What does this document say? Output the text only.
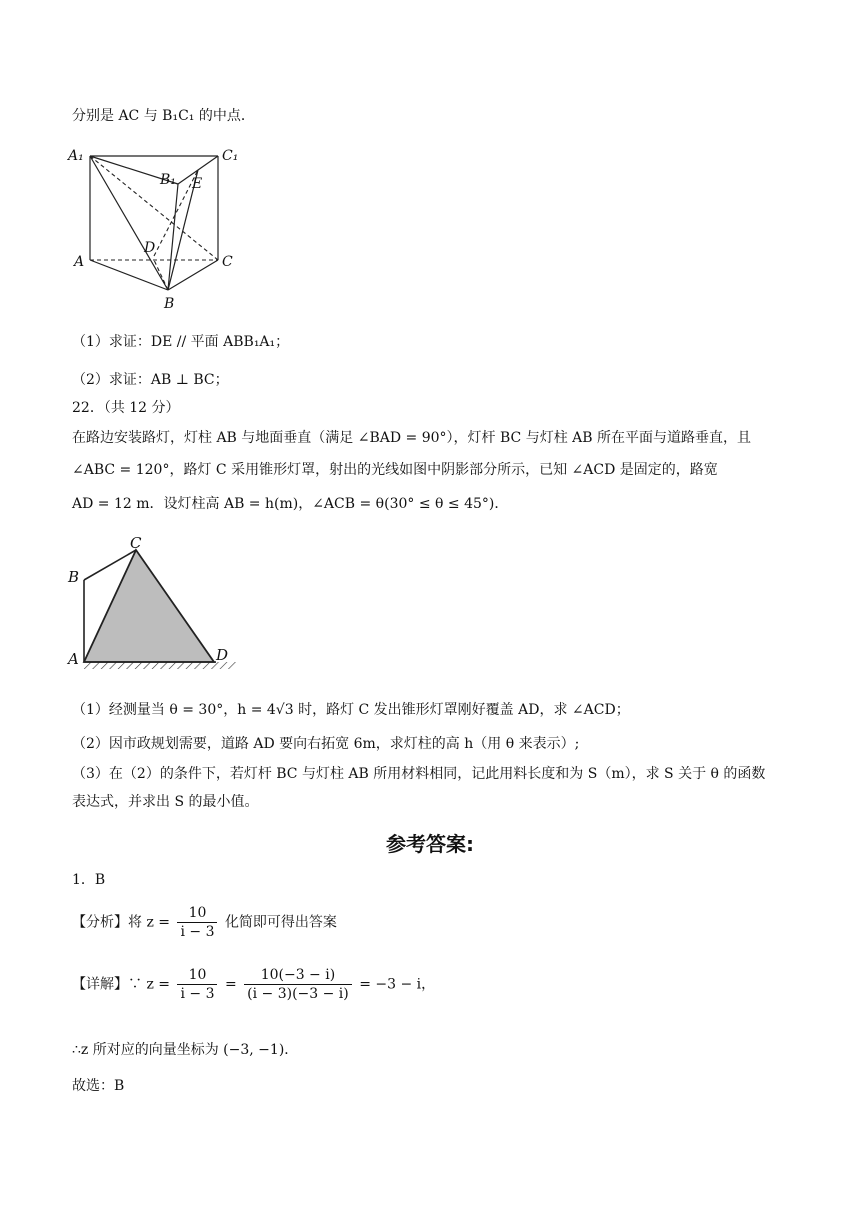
分别是 AC 与 B₁C₁ 的中点．
A₁	C₁
B₁ E
D
A	C
B
（1）求证：DE // 平面 ABB₁A₁；
（2）求证：AB ⊥ BC；
22．（共 12 分）
在路边安装路灯，灯柱 AB 与地面垂直（满足 ∠BAD = 90°），灯杆 BC 与灯柱 AB 所在平面与道路垂直，且
∠ABC = 120°，路灯 C 采用锥形灯罩，射出的光线如图中阴影部分所示，已知 ∠ACD 是固定的，路宽
AD = 12 m．设灯柱高 AB = h(m)，∠ACB = θ(30° ≤ θ ≤ 45°)．
C
B
A	D
（1）经测量当 θ = 30°，h = 4√3 时，路灯 C 发出锥形灯罩刚好覆盖 AD，求 ∠ACD；
（2）因市政规划需要，道路 AD 要向右拓宽 6m，求灯柱的高 h（用 θ 来表示）;
（3）在（2）的条件下，若灯杆 BC 与灯柱 AB 所用材料相同，记此用料长度和为 S（m），求 S 关于 θ 的函数
表达式，并求出 S 的最小值。
参考答案:
1．B
【分析】将 $z = \frac{10}{i - 3}$ 化简即可得出答案
【详解】∵ $z = \frac{10}{i - 3} = \frac{10(-3 - i)}{(i - 3)(-3 - i)} = -3 - i$，
∴z 所对应的向量坐标为 (−3, −1)．
故选：B
